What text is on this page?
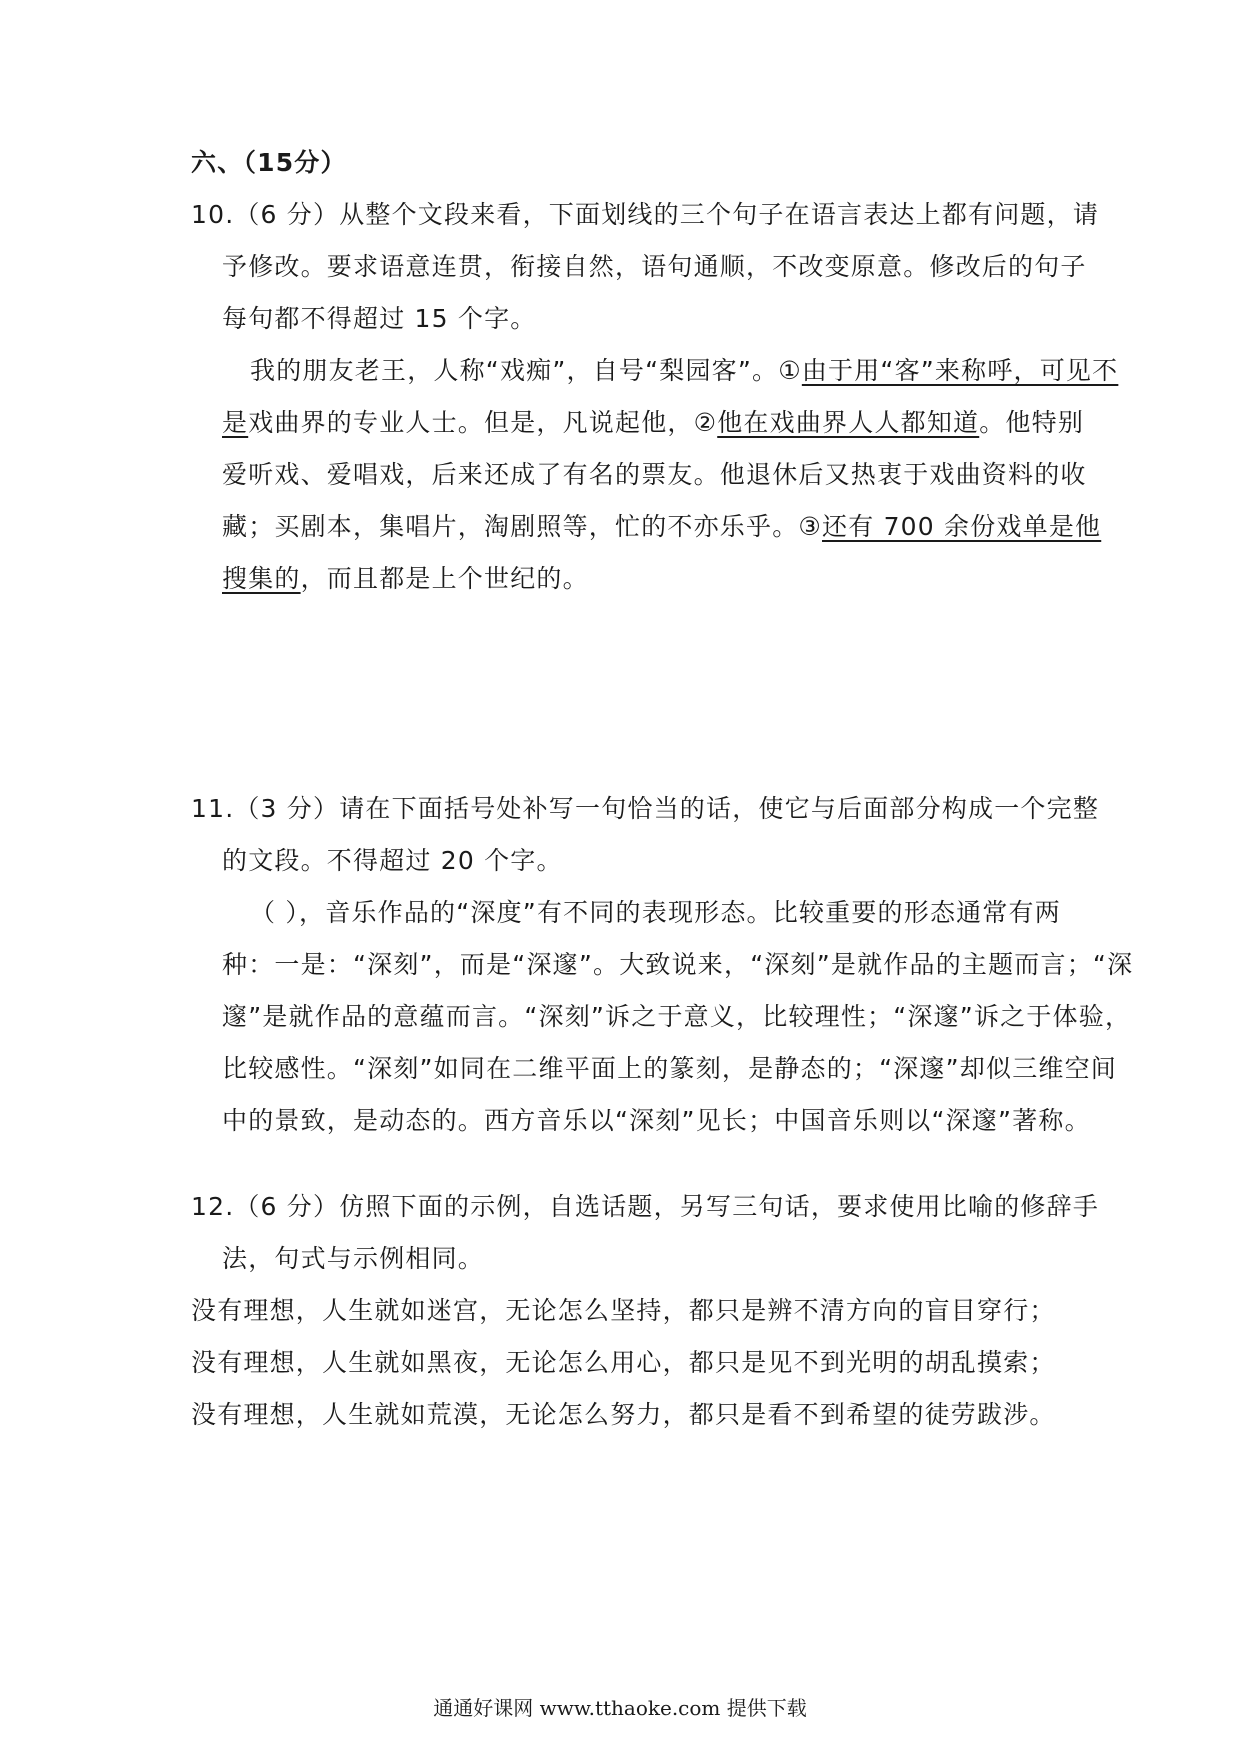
六、（15分）
10.（6 分）从整个文段来看，下面划线的三个句子在语言表达上都有问题，请
予修改。要求语意连贯，衔接自然，语句通顺，不改变原意。修改后的句子
每句都不得超过 15 个字。
我的朋友老王，人称“戏痴”，自号“梨园客”。①由于用“客”来称呼，可见不
是戏曲界的专业人士。但是，凡说起他，②他在戏曲界人人都知道。他特别
爱听戏、爱唱戏，后来还成了有名的票友。他退休后又热衷于戏曲资料的收
藏；买剧本，集唱片，淘剧照等，忙的不亦乐乎。③还有 700 余份戏单是他
搜集的，而且都是上个世纪的。
11.（3 分）请在下面括号处补写一句恰当的话，使它与后面部分构成一个完整
的文段。不得超过 20 个字。
（ ），音乐作品的“深度”有不同的表现形态。比较重要的形态通常有两
种：一是：“深刻”，而是“深邃”。大致说来，“深刻”是就作品的主题而言；“深
邃”是就作品的意蕴而言。“深刻”诉之于意义，比较理性；“深邃”诉之于体验，
比较感性。“深刻”如同在二维平面上的篆刻，是静态的；“深邃”却似三维空间
中的景致，是动态的。西方音乐以“深刻”见长；中国音乐则以“深邃”著称。
12.（6 分）仿照下面的示例，自选话题，另写三句话，要求使用比喻的修辞手
法，句式与示例相同。
没有理想，人生就如迷宫，无论怎么坚持，都只是辨不清方向的盲目穿行；
没有理想，人生就如黑夜，无论怎么用心，都只是见不到光明的胡乱摸索；
没有理想，人生就如荒漠，无论怎么努力，都只是看不到希望的徒劳跋涉。
通通好课网 www.tthaoke.com 提供下载
